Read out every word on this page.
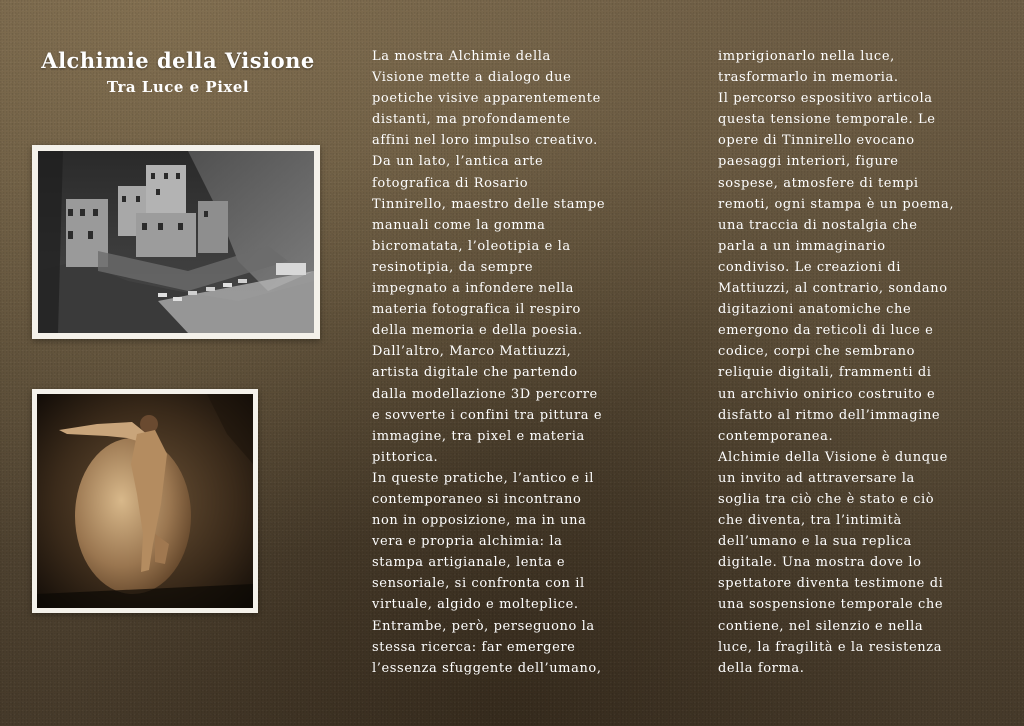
Alchimie della Visione
Tra Luce e Pixel
La mostra Alchimie della
Visione mette a dialogo due
poetiche visive apparentemente
distanti, ma profondamente
affini nel loro impulso creativo.
Da un lato, l’antica arte
fotografica di Rosario
Tinnirello, maestro delle stampe
manuali come la gomma
bicromatata, l’oleotipia e la
resinotipia, da sempre
impegnato a infondere nella
materia fotografica il respiro
della memoria e della poesia.
Dall’altro, Marco Mattiuzzi,
artista digitale che partendo
dalla modellazione 3D percorre
e sovverte i confini tra pittura e
immagine, tra pixel e materia
pittorica.
In queste pratiche, l’antico e il
contemporaneo si incontrano
non in opposizione, ma in una
vera e propria alchimia: la
stampa artigianale, lenta e
sensoriale, si confronta con il
virtuale, algido e molteplice.
Entrambe, però, perseguono la
stessa ricerca: far emergere
l’essenza sfuggente dell’umano,
imprigionarlo nella luce,
trasformarlo in memoria.
Il percorso espositivo articola
questa tensione temporale. Le
opere di Tinnirello evocano
paesaggi interiori, figure
sospese, atmosfere di tempi
remoti, ogni stampa è un poema,
una traccia di nostalgia che
parla a un immaginario
condiviso. Le creazioni di
Mattiuzzi, al contrario, sondano
digitazioni anatomiche che
emergono da reticoli di luce e
codice, corpi che sembrano
reliquie digitali, frammenti di
un archivio onirico costruito e
disfatto al ritmo dell’immagine
contemporanea.
Alchimie della Visione è dunque
un invito ad attraversare la
soglia tra ciò che è stato e ciò
che diventa, tra l’intimità
dell’umano e la sua replica
digitale. Una mostra dove lo
spettatore diventa testimone di
una sospensione temporale che
contiene, nel silenzio e nella
luce, la fragilità e la resistenza
della forma.
